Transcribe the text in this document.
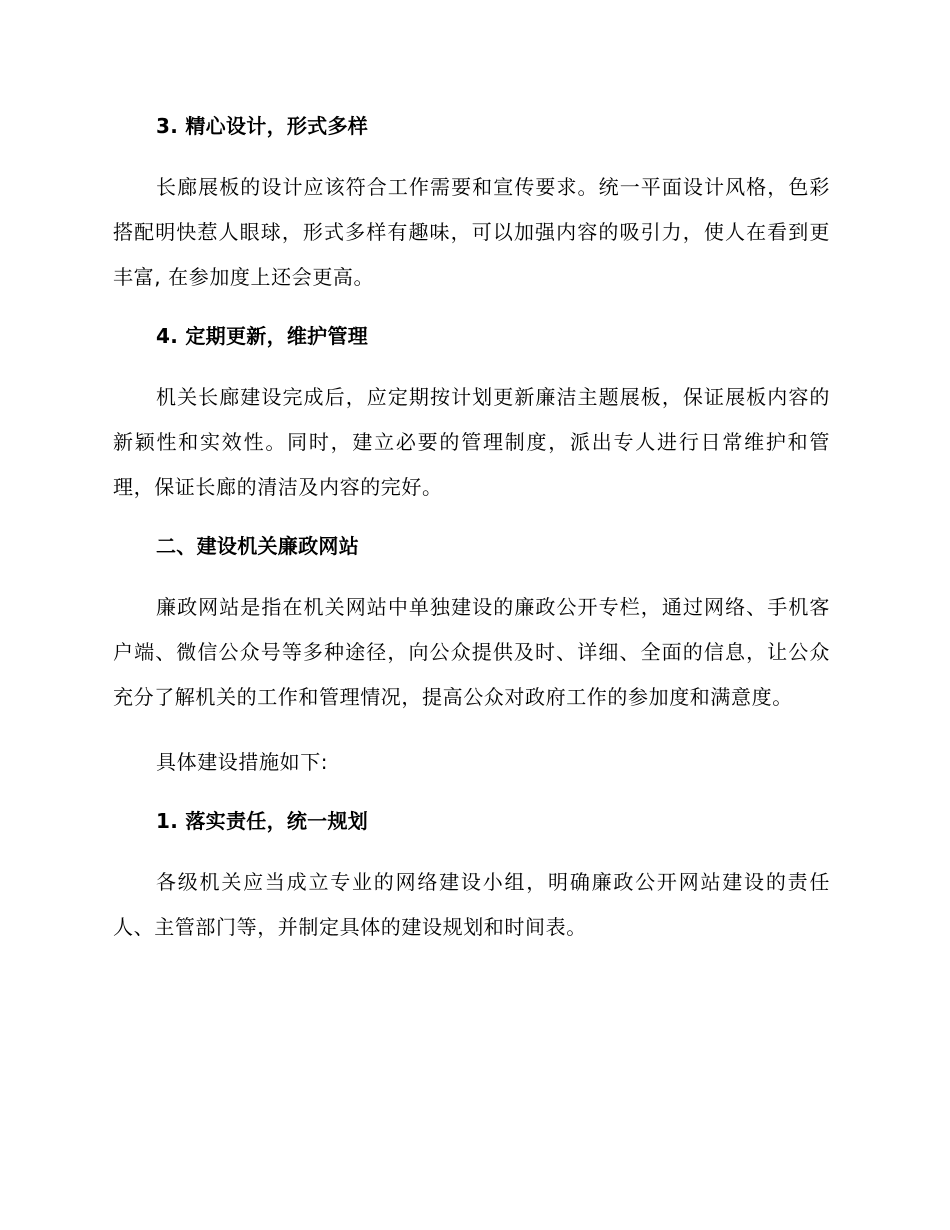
3. 精心设计，形式多样

长廊展板的设计应该符合工作需要和宣传要求。统一平面设计风格，色彩搭配明快惹人眼球，形式多样有趣味，可以加强内容的吸引力，使人在看到更丰富, 在参加度上还会更高。

4. 定期更新，维护管理

机关长廊建设完成后，应定期按计划更新廉洁主题展板，保证展板内容的新颖性和实效性。同时，建立必要的管理制度，派出专人进行日常维护和管理，保证长廊的清洁及内容的完好。

二、建设机关廉政网站

廉政网站是指在机关网站中单独建设的廉政公开专栏，通过网络、手机客户端、微信公众号等多种途径，向公众提供及时、详细、全面的信息，让公众充分了解机关的工作和管理情况，提高公众对政府工作的参加度和满意度。

具体建设措施如下:

1. 落实责任，统一规划

各级机关应当成立专业的网络建设小组，明确廉政公开网站建设的责任人、主管部门等，并制定具体的建设规划和时间表。
